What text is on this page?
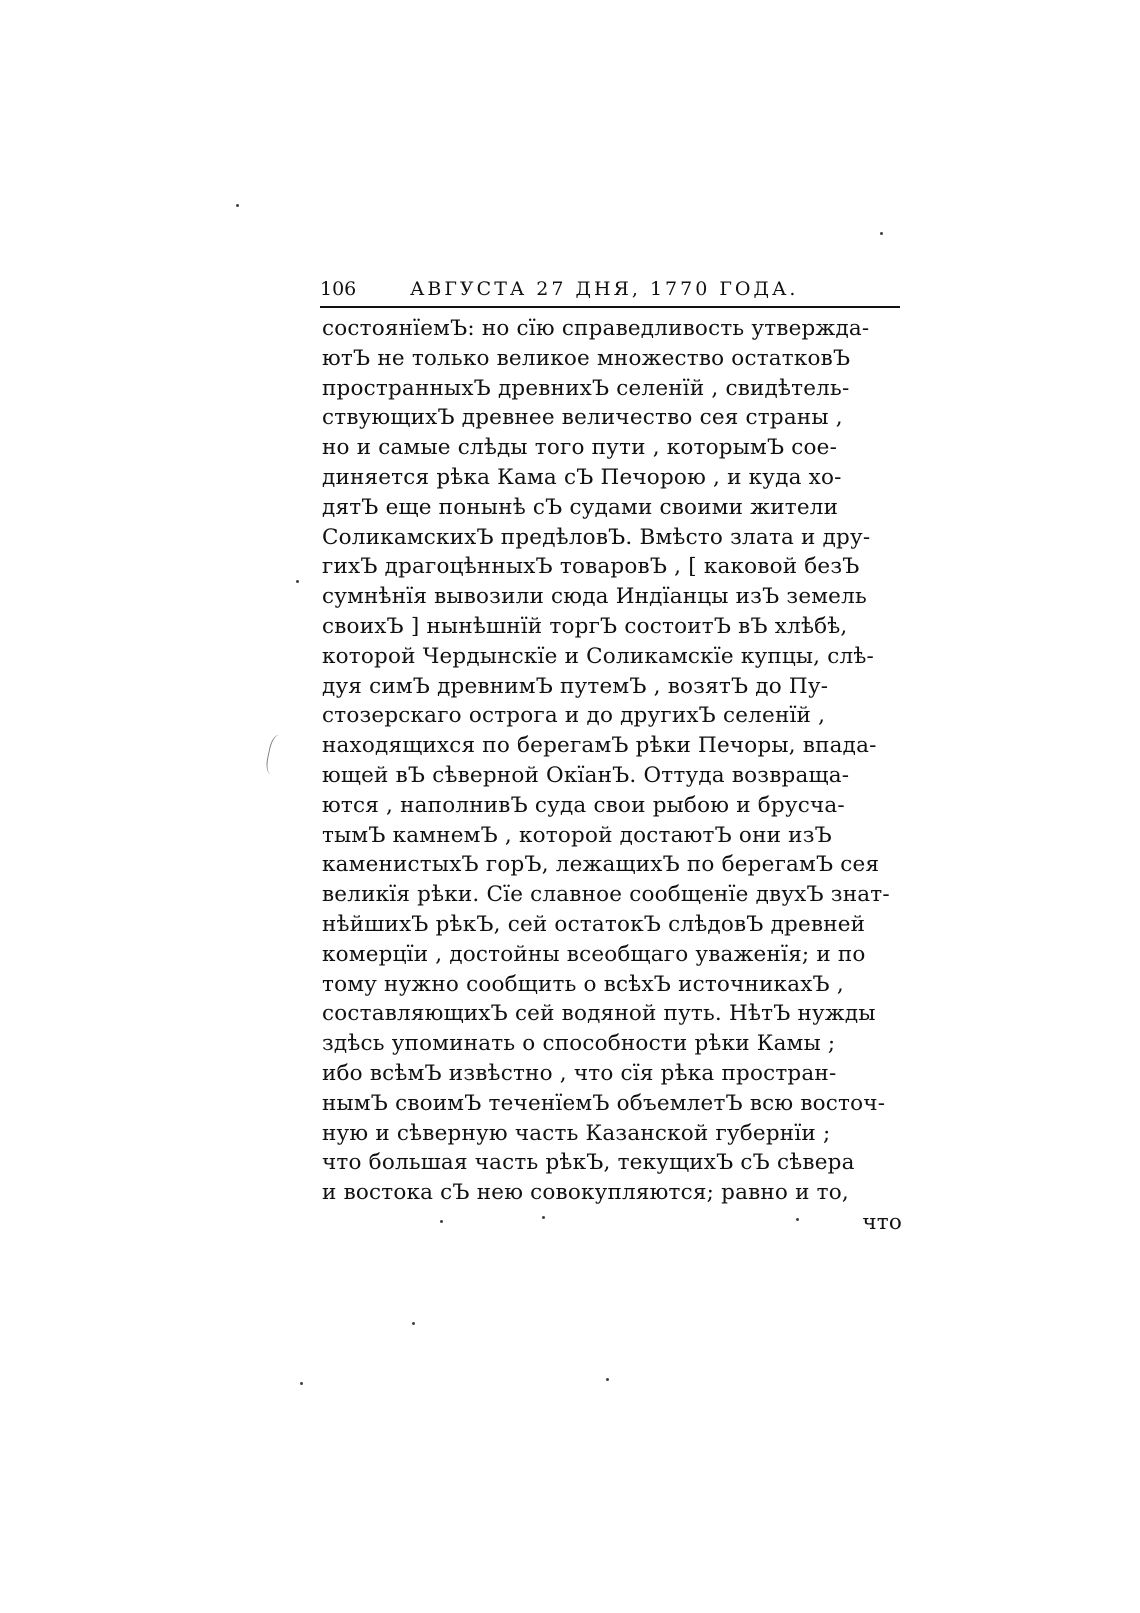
106	АВГУСТА 27 ДНЯ, 1770 ГОДА.
состоянїемЪ: но сїю справедливость утвержда-
ютЪ не только великое множество остатковЪ
пространныхЪ древнихЪ селенїй , свидѣтель-
ствующихЪ древнее величество сея страны ,
но и самые слѣды того пути , которымЪ сое-
диняется рѣка Кама сЪ Печорою , и куда хо-
дятЪ еще понынѣ сЪ судами своими жители
СоликамскихЪ предѣловЪ. Вмѣсто злата и дру-
гихЪ драгоцѣнныхЪ товаровЪ , [ каковой безЪ
сумнѣнїя вывозили сюда Индїанцы изЪ земель
своихЪ ] нынѣшнїй торгЪ состоитЪ вЪ хлѣбѣ,
которой Чердынскїе и Соликамскїе купцы, слѣ-
дуя симЪ древнимЪ путемЪ , возятЪ до Пу-
стозерскаго острога и до другихЪ селенїй ,
находящихся по берегамЪ рѣки Печоры, впада-
ющей вЪ сѣверной ОкїанЪ. Оттуда возвраща-
ются , наполнивЪ суда свои рыбою и брусча-
тымЪ камнемЪ , которой достаютЪ они изЪ
каменистыхЪ горЪ, лежащихЪ по берегамЪ сея
великїя рѣки. Сїе славное сообщенїе двухЪ знат-
нѣйшихЪ рѣкЪ, сей остатокЪ слѣдовЪ древней
комерцїи , достойны всеобщаго уваженїя; и по
тому нужно сообщить о всѣхЪ источникахЪ ,
составляющихЪ сей водяной путь. НѣтЪ нужды
здѣсь упоминать о способности рѣки Камы ;
ибо всѣмЪ извѣстно , что сїя рѣка простран-
нымЪ своимЪ теченїемЪ объемлетЪ всю восточ-
ную и сѣверную часть Казанской губернїи ;
что большая часть рѣкЪ, текущихЪ сЪ сѣвера
и востока сЪ нею совокупляются; равно и то,
что
